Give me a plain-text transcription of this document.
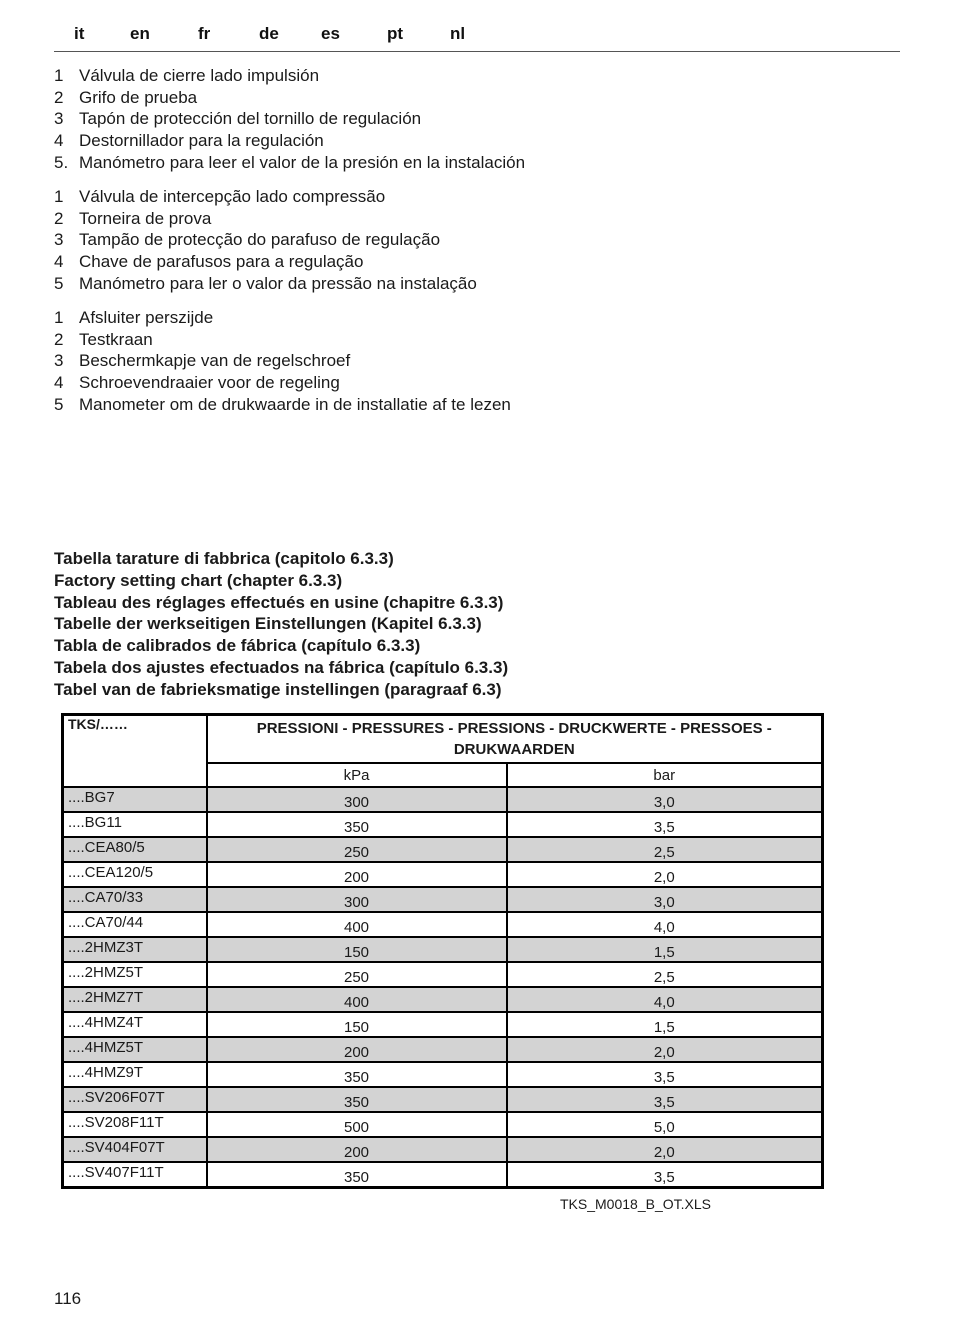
it	en	fr	de es	pt	nl
1 Válvula de cierre lado impulsión
2 Grifo de prueba
3 Tapón de protección del tornillo de regulación
4 Destornillador para la regulación
5. Manómetro para leer el valor de la presión en la instalación
1 Válvula de intercepção lado compressão
2 Torneira de prova
3 Tampão de protecção do parafuso de regulação
4 Chave de parafusos para a regulação
5 Manómetro para ler o valor da pressão na instalação
1 Afsluiter perszijde
2 Testkraan
3 Beschermkapje van de regelschroef
4 Schroevendraaier voor de regeling
5 Manometer om de drukwaarde in de installatie af te lezen
Tabella tarature di fabbrica (capitolo 6.3.3)
Factory setting chart (chapter 6.3.3)
Tableau des réglages effectués en usine (chapitre 6.3.3)
Tabelle der werkseitigen Einstellungen (Kapitel 6.3.3)
Tabla de calibrados de fábrica (capítulo 6.3.3)
Tabela dos ajustes efectuados na fábrica (capítulo 6.3.3)
Tabel van de fabrieksmatige instellingen (paragraaf 6.3)
TKS/……	PRESSIONI - PRESSURES - PRESSIONS - DRUCKWERTE - PRESSOES - DRUKWAARDEN	
	kPa	bar
....BG7	300	3,0
....BG11	350	3,5
....CEA80/5	250	2,5
....CEA120/5	200	2,0
....CA70/33	300	3,0
....CA70/44	400	4,0
....2HMZ3T	150	1,5
....2HMZ5T	250	2,5
....2HMZ7T	400	4,0
....4HMZ4T	150	1,5
....4HMZ5T	200	2,0
....4HMZ9T	350	3,5
....SV206F07T	350	3,5
....SV208F11T	500	5,0
....SV404F07T	200	2,0
....SV407F11T	350	3,5
TKS_M0018_B_OT.XLS
116
